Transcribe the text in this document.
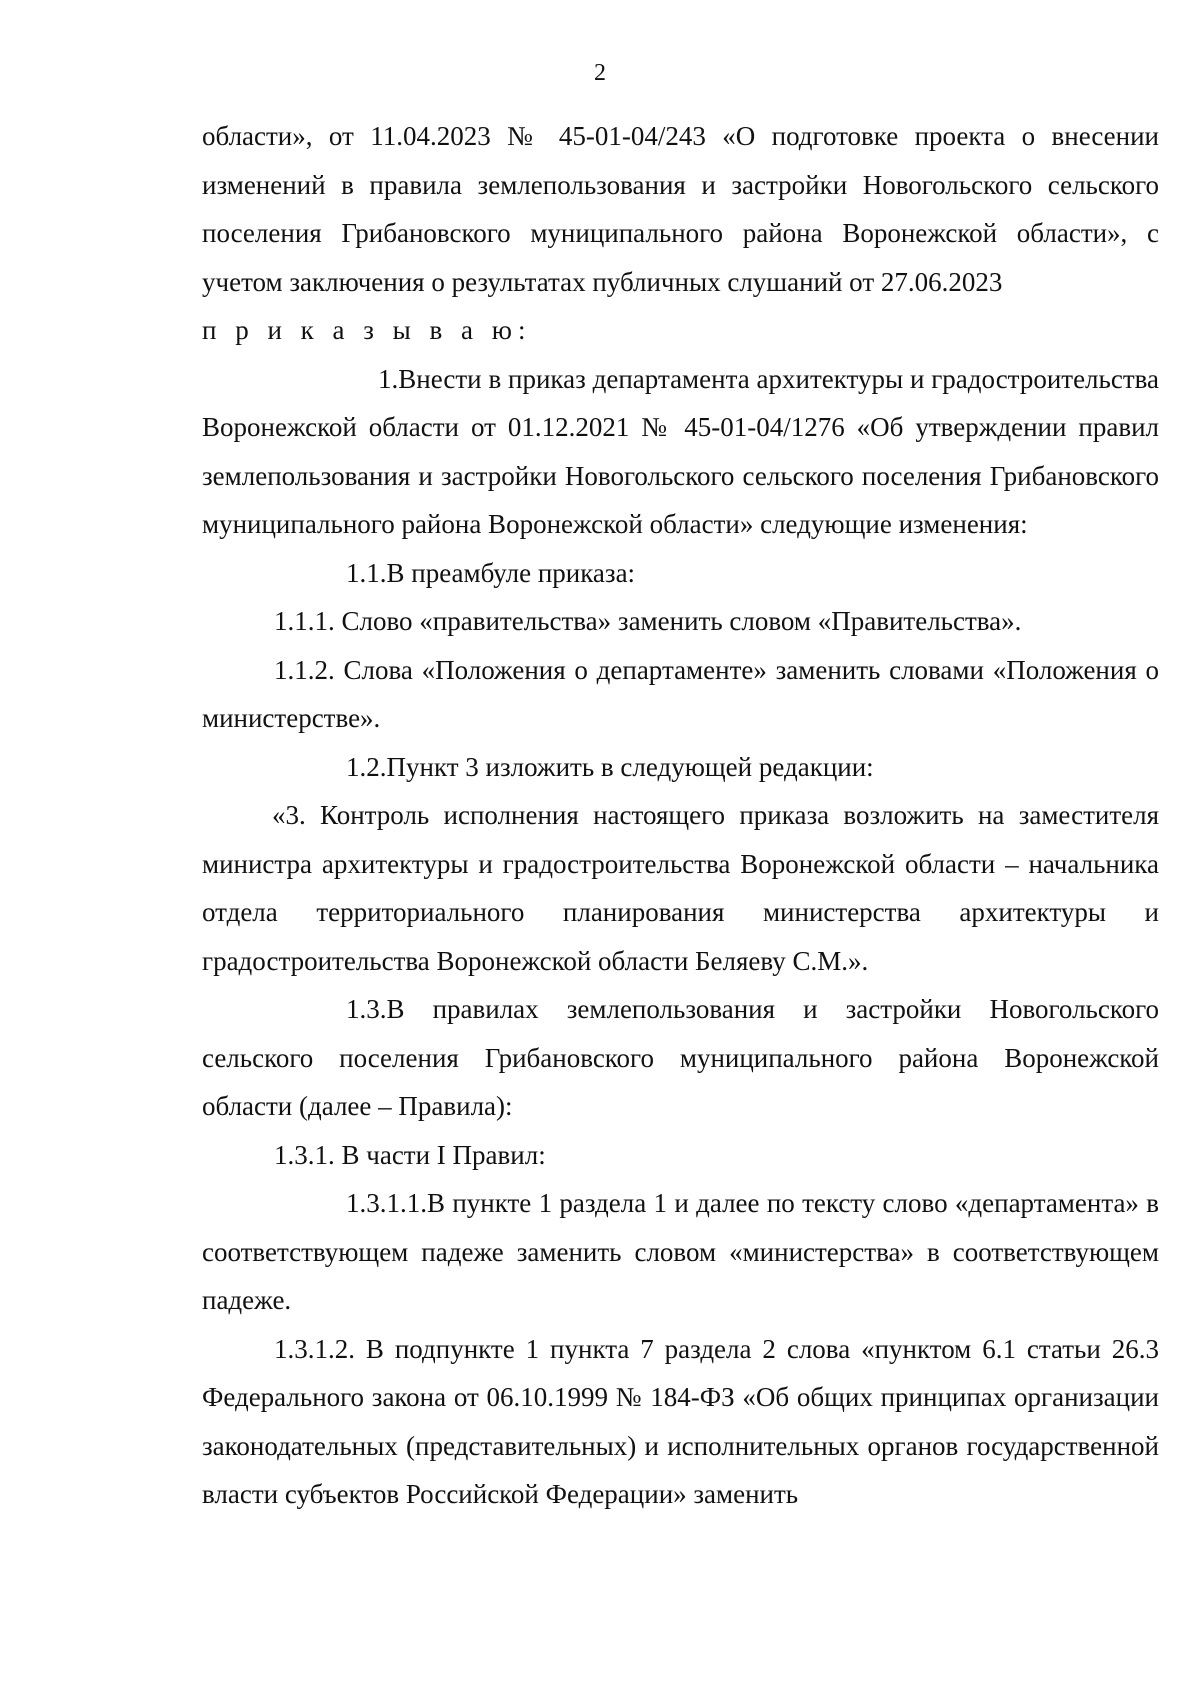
2

области», от 11.04.2023 № 45-01-04/243 «О подготовке проекта о внесении изменений в правила землепользования и застройки Новогольского сельского поселения Грибановского муниципального района Воронежской области», с учетом заключения о результатах публичных слушаний от 27.06.2023

п р и к а з ы в а ю:

1.Внести в приказ департамента архитектуры и градостроительства Воронежской области от 01.12.2021 № 45-01-04/1276 «Об утверждении правил землепользования и застройки Новогольского сельского поселения Грибановского муниципального района Воронежской области» следующие изменения:

1.1.В преамбуле приказа:

1.1.1. Слово «правительства» заменить словом «Правительства».

1.1.2. Слова «Положения о департаменте» заменить словами «Положения о министерстве».

1.2.Пункт 3 изложить в следующей редакции:

«3. Контроль исполнения настоящего приказа возложить на заместителя министра архитектуры и градостроительства Воронежской области – начальника отдела территориального планирования министерства архитектуры и градостроительства Воронежской области Беляеву С.М.».

1.3.В правилах землепользования и застройки Новогольского сельского поселения Грибановского муниципального района Воронежской области (далее – Правила):

1.3.1. В части I Правил:

1.3.1.1.В пункте 1 раздела 1 и далее по тексту слово «департамента» в соответствующем падеже заменить словом «министерства» в соответствующем падеже.

1.3.1.2. В подпункте 1 пункта 7 раздела 2 слова «пунктом 6.1 статьи 26.3 Федерального закона от 06.10.1999 № 184-ФЗ «Об общих принципах организации законодательных (представительных) и исполнительных органов государственной власти субъектов Российской Федерации» заменить
